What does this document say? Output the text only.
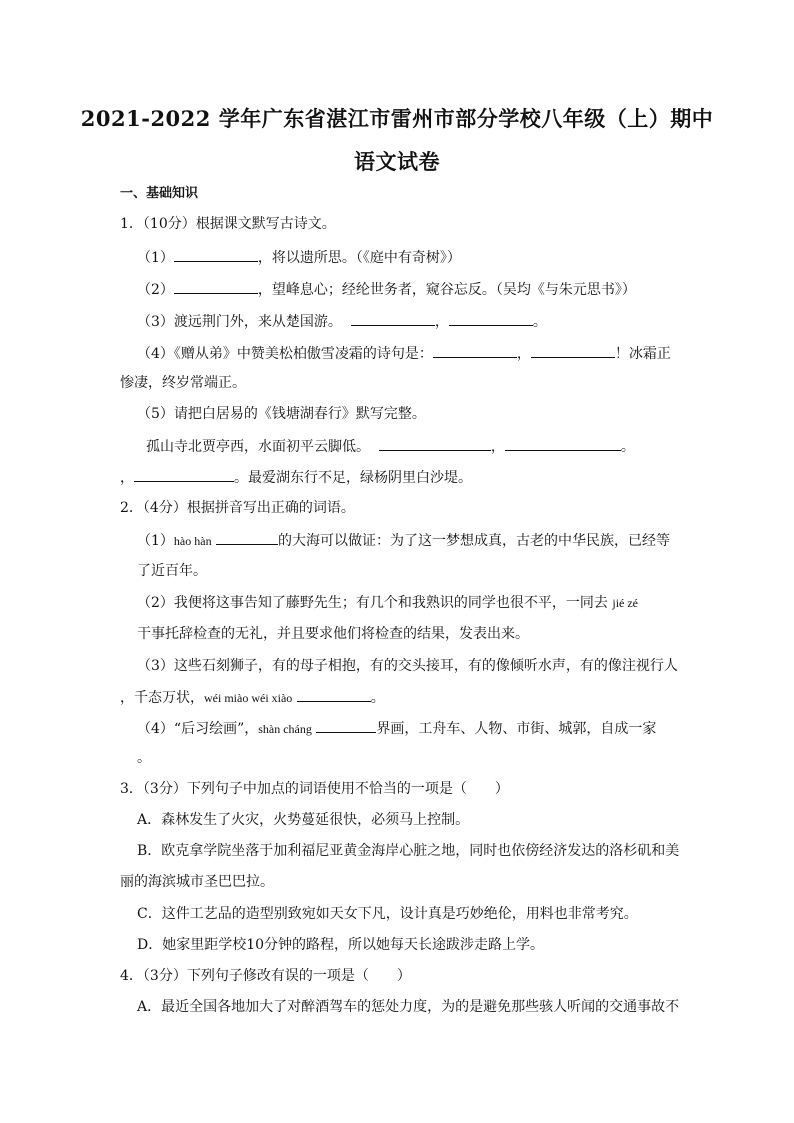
2021-2022 学年广东省湛江市雷州市部分学校八年级（上）期中
语文试卷
一、基础知识
1．（10分）根据课文默写古诗文。
（1）	，将以遗所思。（《庭中有奇树》）
（2）	，望峰息心；经纶世务者，窥谷忘反。（吴均《与朱元思书》）
（3）渡远荆门外，来从楚国游。	，	。
（4）《赠从弟》中赞美松柏傲雪凌霜的诗句是：	，	！冰霜正
惨凄，终岁常端正。
（5）请把白居易的《钱塘湖春行》默写完整。
孤山寺北贾亭西，水面初平云脚低。	，	。
，	。最爱湖东行不足，绿杨阴里白沙堤。
2．（4分）根据拼音写出正确的词语。
（1）hào hàn	的大海可以做证：为了这一梦想成真，古老的中华民族，已经等
了近百年。
（2）我便将这事告知了藤野先生；有几个和我熟识的同学也很不平，一同去 jié zé
干事托辞检查的无礼，并且要求他们将检查的结果，发表出来。
（3）这些石刻狮子，有的母子相抱，有的交头接耳，有的像倾听水声，有的像注视行人
，千态万状，wéi miào wéi xiào	。
（4）“后习绘画”，shàn cháng	界画，工舟车、人物、市街、城郭，自成一家
。
3．（3分）下列句子中加点的词语使用不恰当的一项是（　　）
A．森林发生了火灾，火势蔓延很快，必须马上控制。
B．欧克拿学院坐落于加利福尼亚黄金海岸心脏之地，同时也依傍经济发达的洛杉矶和美
丽的海滨城市圣巴巴拉。
C．这件工艺品的造型别致宛如天女下凡，设计真是巧妙绝伦，用料也非常考究。
D．她家里距学校10分钟的路程，所以她每天长途跋涉走路上学。
4．（3分）下列句子修改有误的一项是（　　）
A．最近全国各地加大了对醉酒驾车的惩处力度，为的是避免那些骇人听闻的交通事故不
